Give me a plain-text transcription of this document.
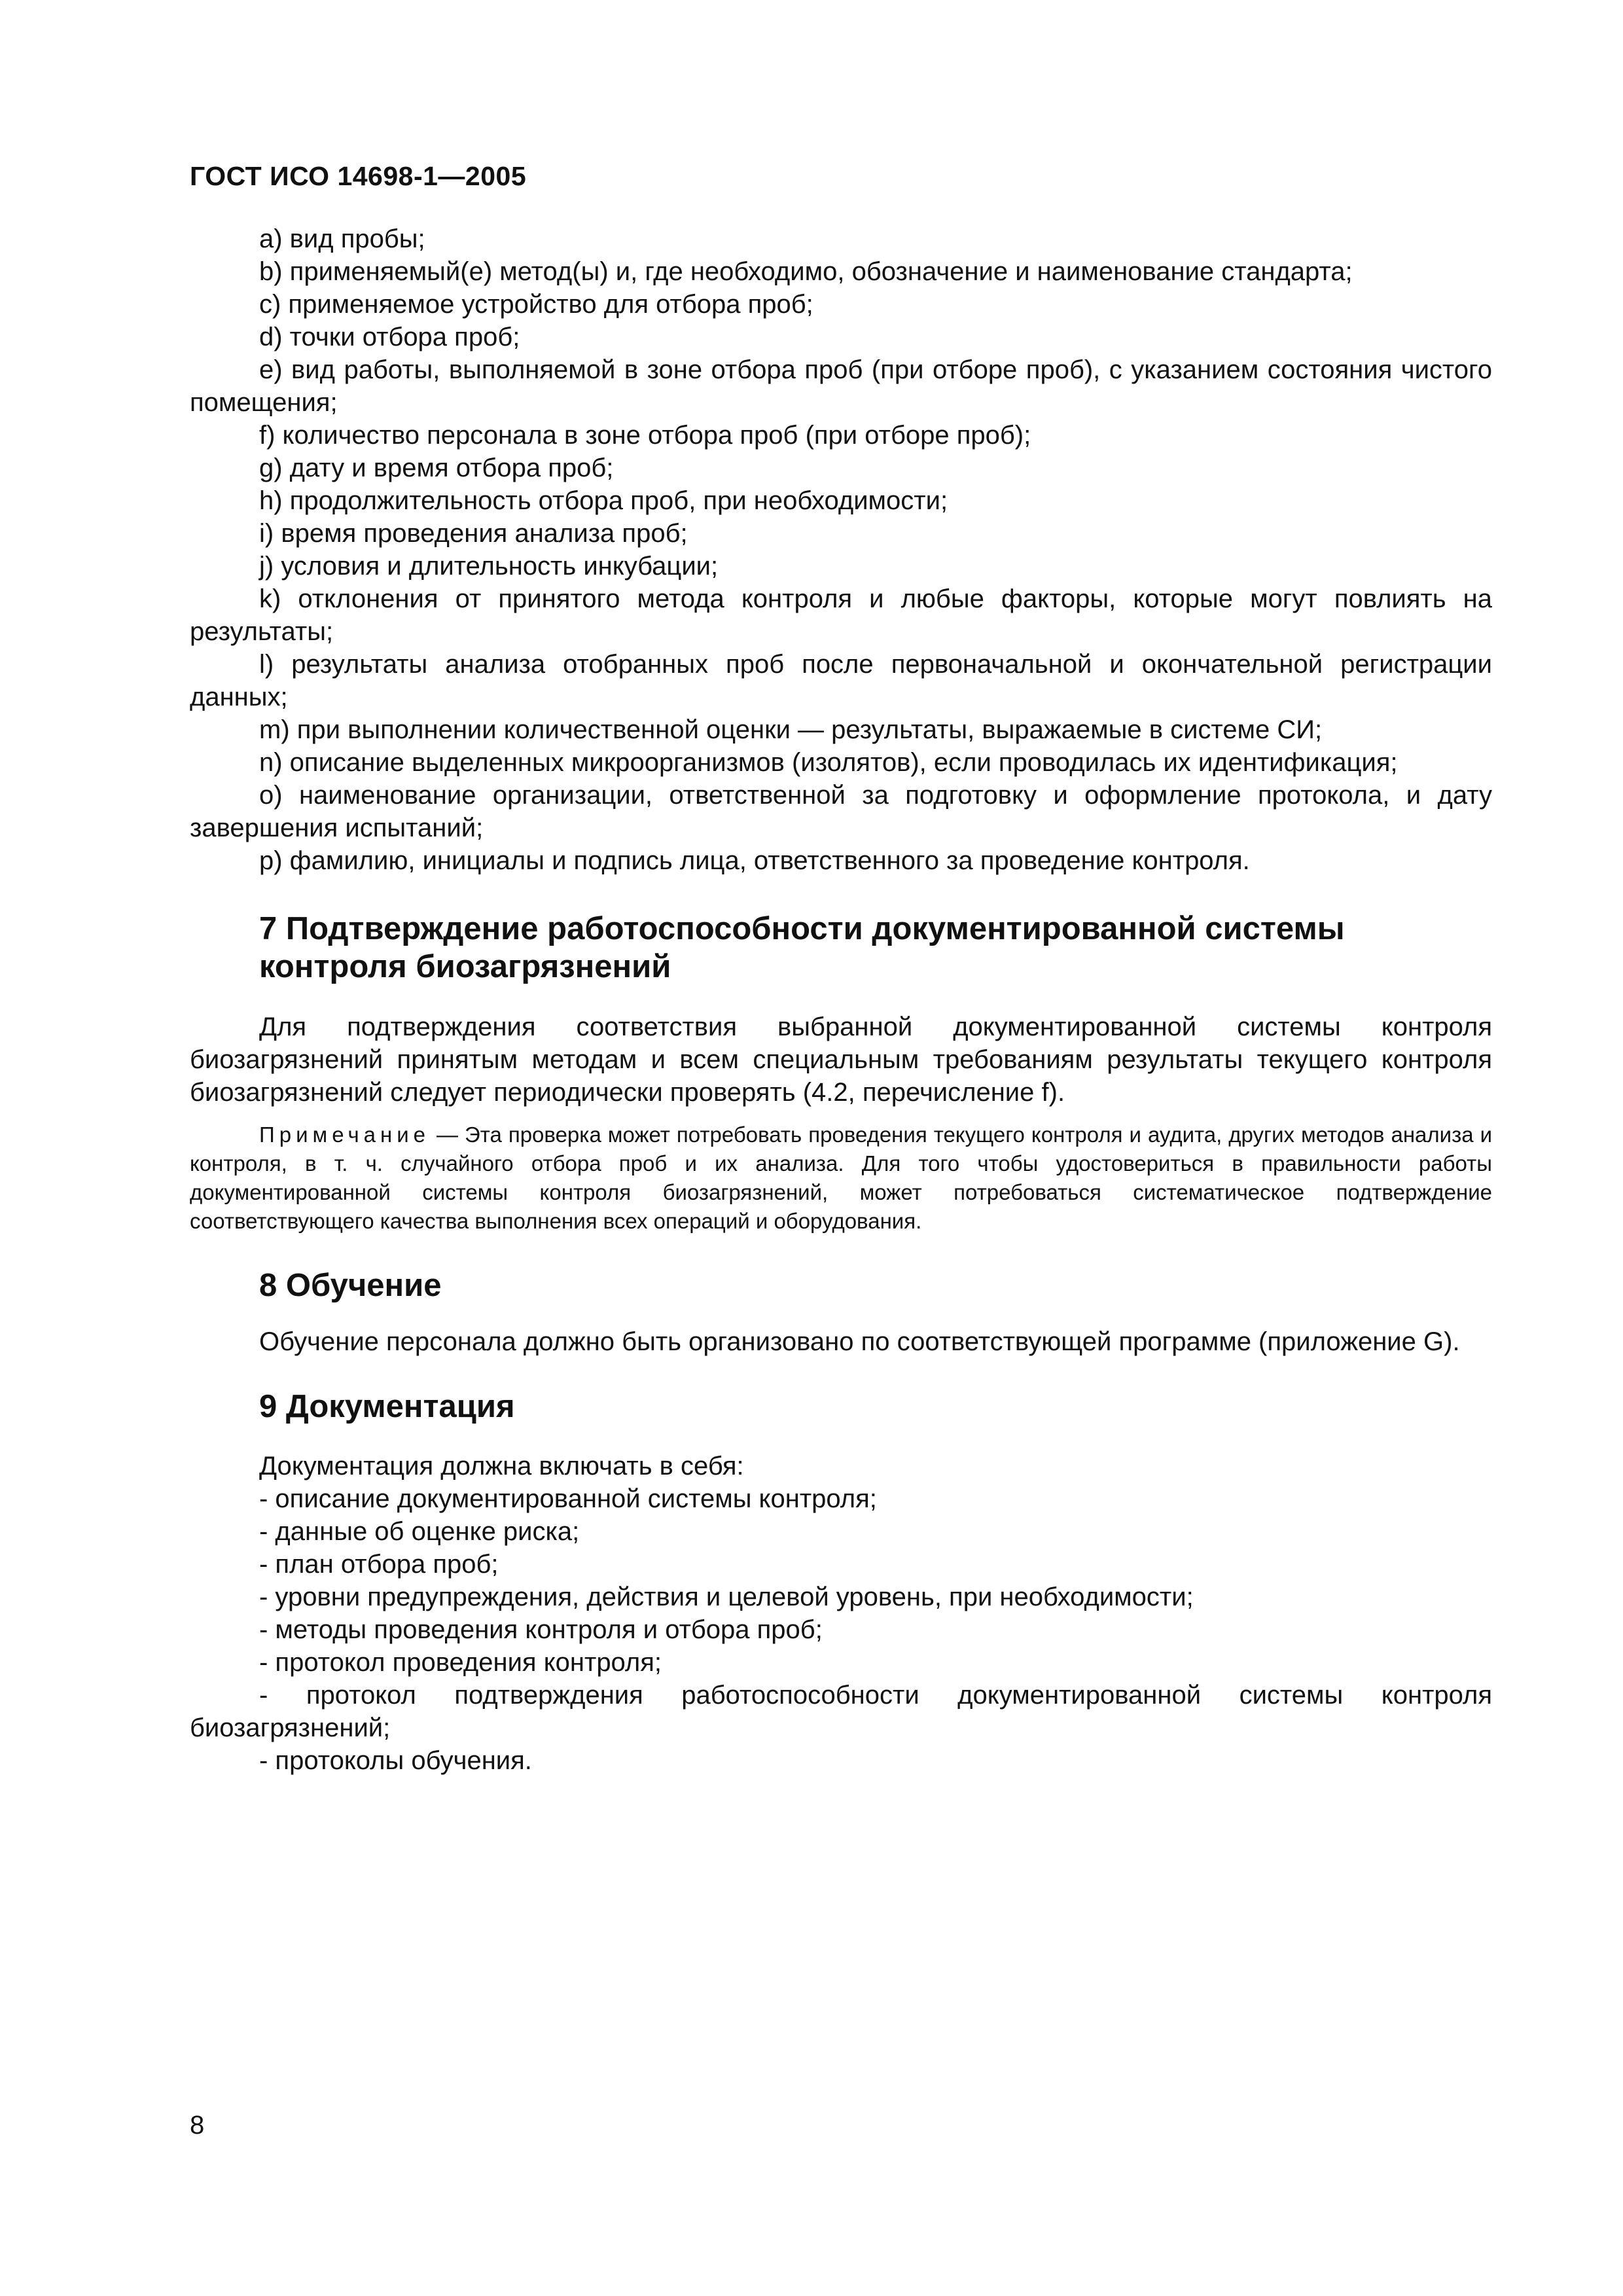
ГОСТ ИСО 14698-1—2005
a) вид пробы;
b) применяемый(е) метод(ы) и, где необходимо, обозначение и наименование стандарта;
c) применяемое устройство для отбора проб;
d) точки отбора проб;
e) вид работы, выполняемой в зоне отбора проб (при отборе проб), с указанием состояния чистого помещения;
f) количество персонала в зоне отбора проб (при отборе проб);
g) дату и время отбора проб;
h) продолжительность отбора проб, при необходимости;
i) время проведения анализа проб;
j) условия и длительность инкубации;
k) отклонения от принятого метода контроля и любые факторы, которые могут повлиять на результаты;
l) результаты анализа отобранных проб после первоначальной и окончательной регистрации данных;
m) при выполнении количественной оценки — результаты, выражаемые в системе СИ;
n) описание выделенных микроорганизмов (изолятов), если проводилась их идентификация;
o) наименование организации, ответственной за подготовку и оформление протокола, и дату завершения испытаний;
p) фамилию, инициалы и подпись лица, ответственного за проведение контроля.
7 Подтверждение работоспособности документированной системы
контроля биозагрязнений
Для подтверждения соответствия выбранной документированной системы контроля биозагрязнений принятым методам и всем специальным требованиям результаты текущего контроля биозагрязнений следует периодически проверять (4.2, перечисление f).
Примечание — Эта проверка может потребовать проведения текущего контроля и аудита, других методов анализа и контроля, в т. ч. случайного отбора проб и их анализа. Для того чтобы удостовериться в правильности работы документированной системы контроля биозагрязнений, может потребоваться систематическое подтверждение соответствующего качества выполнения всех операций и оборудования.
8 Обучение
Обучение персонала должно быть организовано по соответствующей программе (приложение G).
9 Документация
Документация должна включать в себя:
- описание документированной системы контроля;
- данные об оценке риска;
- план отбора проб;
- уровни предупреждения, действия и целевой уровень, при необходимости;
- методы проведения контроля и отбора проб;
- протокол проведения контроля;
- протокол подтверждения работоспособности документированной системы контроля биозагрязнений;
- протоколы обучения.
8
